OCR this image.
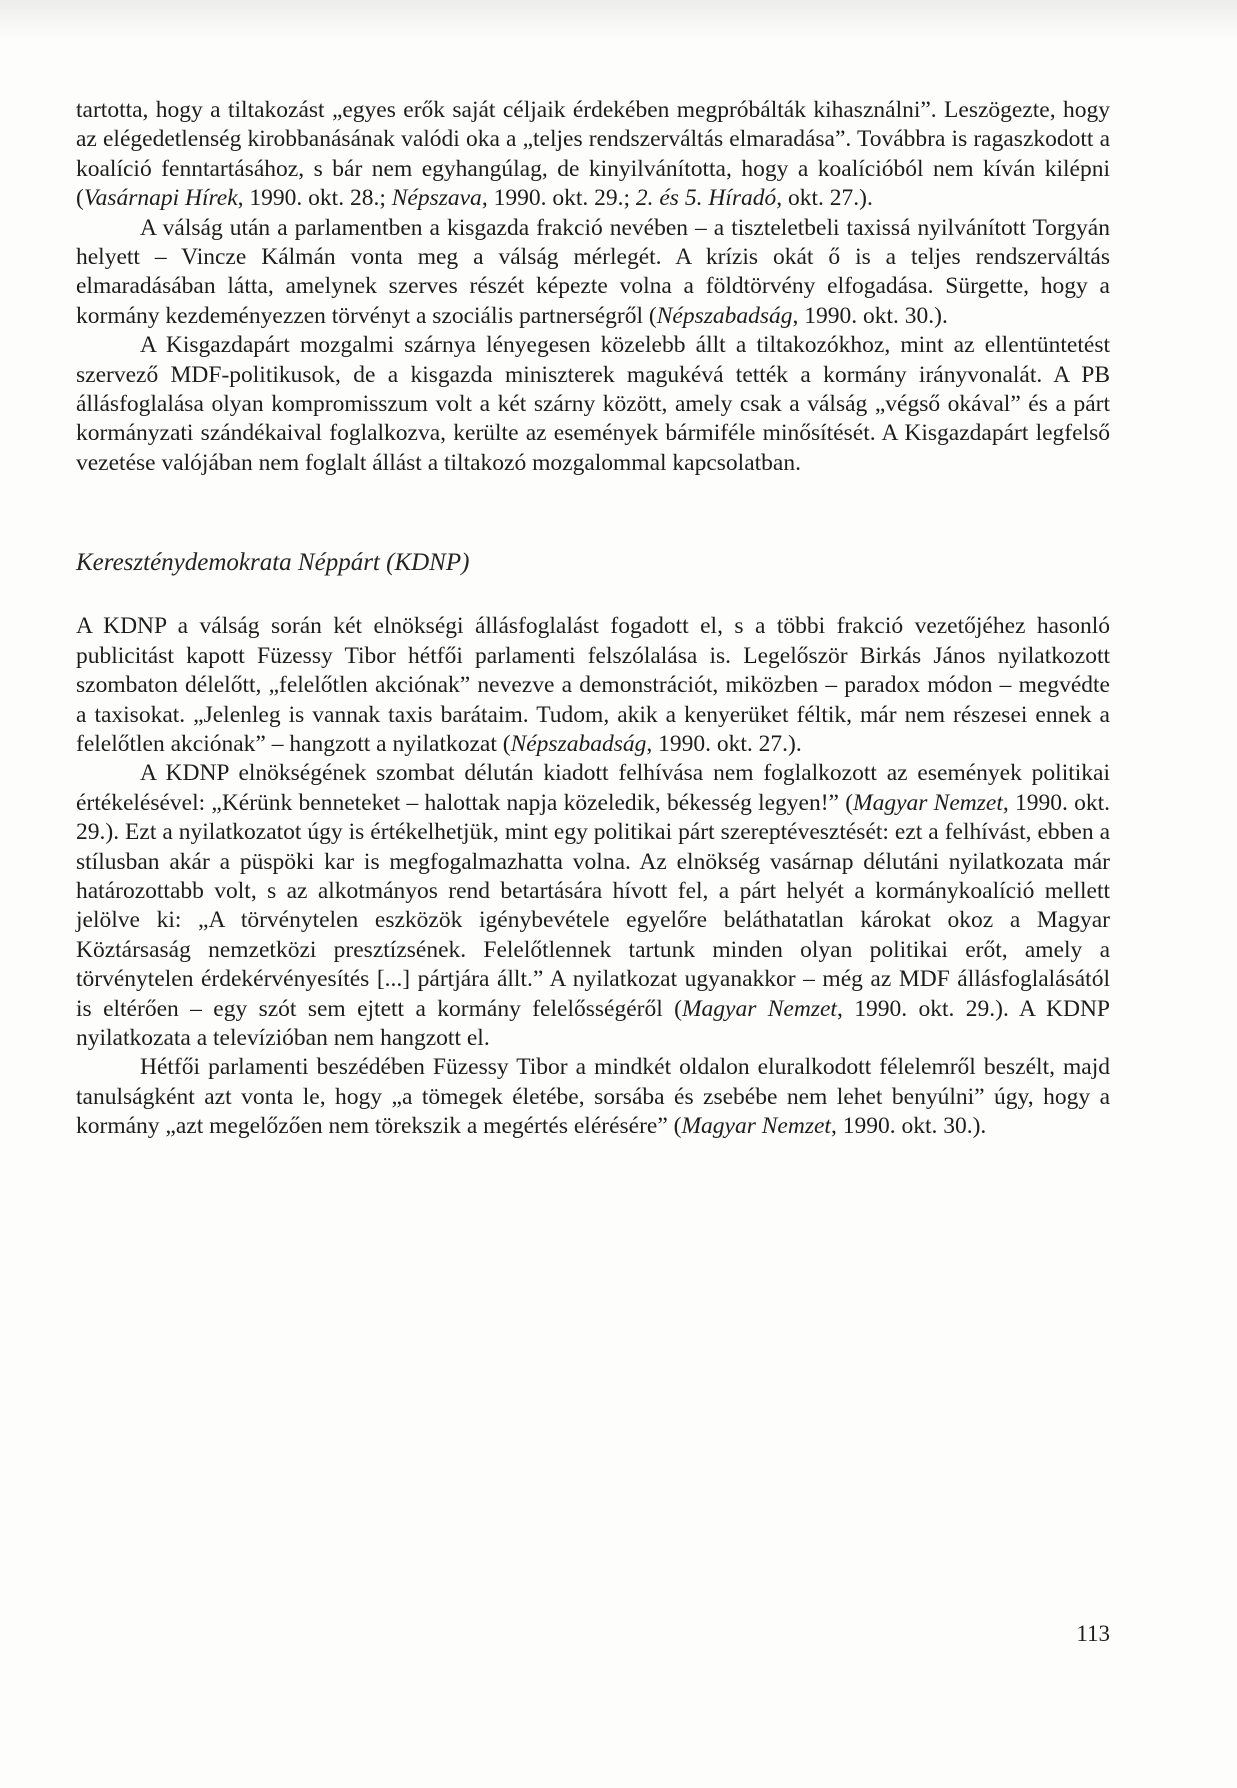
tartotta, hogy a tiltakozást „egyes erők saját céljaik érdekében megpróbálták kihasználni”. Leszögezte, hogy az elégedetlenség kirobbanásának valódi oka a „teljes rendszerváltás elmaradása”. Továbbra is ragaszkodott a koalíció fenntartásához, s bár nem egyhangúlag, de kinyilvánította, hogy a koalícióból nem kíván kilépni (Vasárnapi Hírek, 1990. okt. 28.; Népszava, 1990. okt. 29.; 2. és 5. Híradó, okt. 27.).

A válság után a parlamentben a kisgazda frakció nevében – a tiszteletbeli taxissá nyilvánított Torgyán helyett – Vincze Kálmán vonta meg a válság mérlegét. A krízis okát ő is a teljes rendszerváltás elmaradásában látta, amelynek szerves részét képezte volna a földtörvény elfogadása. Sürgette, hogy a kormány kezdeményezzen törvényt a szociális partnerségről (Népszabadság, 1990. okt. 30.).

A Kisgazdapárt mozgalmi szárnya lényegesen közelebb állt a tiltakozókhoz, mint az ellentüntetést szervező MDF-politikusok, de a kisgazda miniszterek magukévá tették a kormány irányvonalát. A PB állásfoglalása olyan kompromisszum volt a két szárny között, amely csak a válság „végső okával” és a párt kormányzati szándékaival foglalkozva, kerülte az események bármiféle minősítését. A Kisgazdapárt legfelső vezetése valójában nem foglalt állást a tiltakozó mozgalommal kapcsolatban.

Kereszténydemokrata Néppárt (KDNP)

A KDNP a válság során két elnökségi állásfoglalást fogadott el, s a többi frakció vezetőjéhez hasonló publicitást kapott Füzessy Tibor hétfői parlamenti felszólalása is. Legelőször Birkás János nyilatkozott szombaton délelőtt, „felelőtlen akciónak” nevezve a demonstrációt, miközben – paradox módon – megvédte a taxisokat. „Jelenleg is vannak taxis barátaim. Tudom, akik a kenyerüket féltik, már nem részesei ennek a felelőtlen akciónak” – hangzott a nyilatkozat (Népszabadság, 1990. okt. 27.).

A KDNP elnökségének szombat délután kiadott felhívása nem foglalkozott az események politikai értékelésével: „Kérünk benneteket – halottak napja közeledik, békesség legyen!” (Magyar Nemzet, 1990. okt. 29.). Ezt a nyilatkozatot úgy is értékelhetjük, mint egy politikai párt szereptévesztését: ezt a felhívást, ebben a stílusban akár a püspöki kar is megfogalmazhatta volna. Az elnökség vasárnap délutáni nyilatkozata már határozottabb volt, s az alkotmányos rend betartására hívott fel, a párt helyét a kormánykoalíció mellett jelölve ki: „A törvénytelen eszközök igénybevétele egyelőre beláthatatlan károkat okoz a Magyar Köztársaság nemzetközi presztízsének. Felelőtlennek tartunk minden olyan politikai erőt, amely a törvénytelen érdekérvényesítés [...] pártjára állt.” A nyilatkozat ugyanakkor – még az MDF állásfoglalásától is eltérően – egy szót sem ejtett a kormány felelősségéről (Magyar Nemzet, 1990. okt. 29.). A KDNP nyilatkozata a televízióban nem hangzott el.

Hétfői parlamenti beszédében Füzessy Tibor a mindkét oldalon eluralkodott félelemről beszélt, majd tanulságként azt vonta le, hogy „a tömegek életébe, sorsába és zsebébe nem lehet benyúlni” úgy, hogy a kormány „azt megelőzően nem törekszik a megértés elérésére” (Magyar Nemzet, 1990. okt. 30.).

113
